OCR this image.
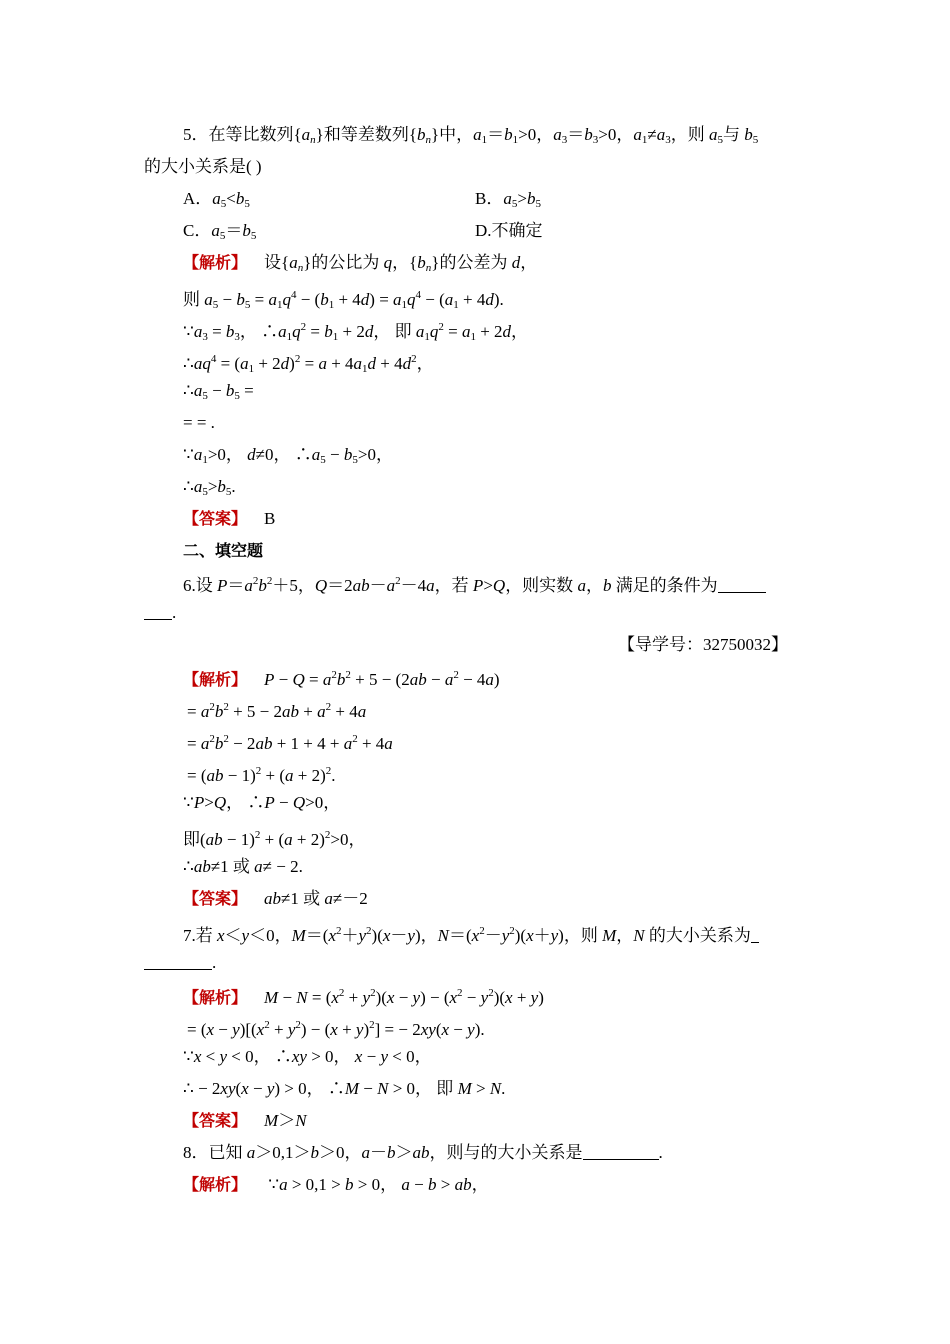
5．在等比数列$\{a_n\}$和等差数列$\{b_n\}$中，$a_1=b_1>0$，$a_3=b_3>0$，$a_1\ne a_3$，则 $a_5$与 $b_5$
的大小关系是( )
A．$a_5<b_5$	B．$a_5>b_5$
C．$a_5=b_5$	D.不确定
【解析】    设$\{a_n\}$的公比为 q，$\{b_n\}$的公差为 d，
则 $a_5 - b_5 = a_1q^4 - (b_1 + 4d) = a_1q^4 - (a_1 + 4d)$.
$\because a_3 = b_3$， $\therefore a_1q^2 = b_1 + 2d$， 即 $a_1q^2 = a_1 + 2d$，
$\therefore aq^4 = (a_1 + 2d)^2 = a + 4a_1d + 4d^2$，
$\therefore a_5 - b_5$ =
= = .
$\because a_1>0$， d≠0， $\therefore a_5 - b_5>0$，
$\therefore a_5>b_5$.
【答案】 B
二、填空题
6.设 $P=a^2b^2+5$，$Q=2ab-a^2-4a$，若 P>Q，则实数 a，b 满足的条件为
.
【导学号：32750032】
【解析】 $P - Q = a^2b^2 + 5 - (2ab - a^2 - 4a)$
= $a^2b^2 + 5 - 2ab + a^2 + 4a$
= $a^2b^2 - 2ab + 1 + 4 + a^2 + 4a$
= $(ab - 1)^2 + (a + 2)^2$.
∵P>Q， ∴P − Q>0，
即$(ab - 1)^2 + (a + 2)^2>0$，
∴ab≠1 或 a≠ − 2.
【答案】 ab≠1 或 a≠－2
7.若 x＜y＜0，$M=(x^2+y^2)(x-y)$，$N=(x^2-y^2)(x+y)$，则 M，N 的大小关系为
.
【解析】 $M - N = (x^2 + y^2)(x - y) - (x^2 - y^2)(x + y)$
= $(x - y)[(x^2 + y^2) - (x + y)^2]$ = − 2xy(x − y).
∵x < y < 0， ∴xy > 0， x − y < 0，
∴ − 2xy(x − y) > 0， ∴M − N > 0， 即 M > N.
【答案】 M＞N
8．已知 a＞0,1＞b＞0，a－b＞ab，则与的大小关系是	.
【解析】     ∵a > 0,1 > b > 0， a − b > ab，
